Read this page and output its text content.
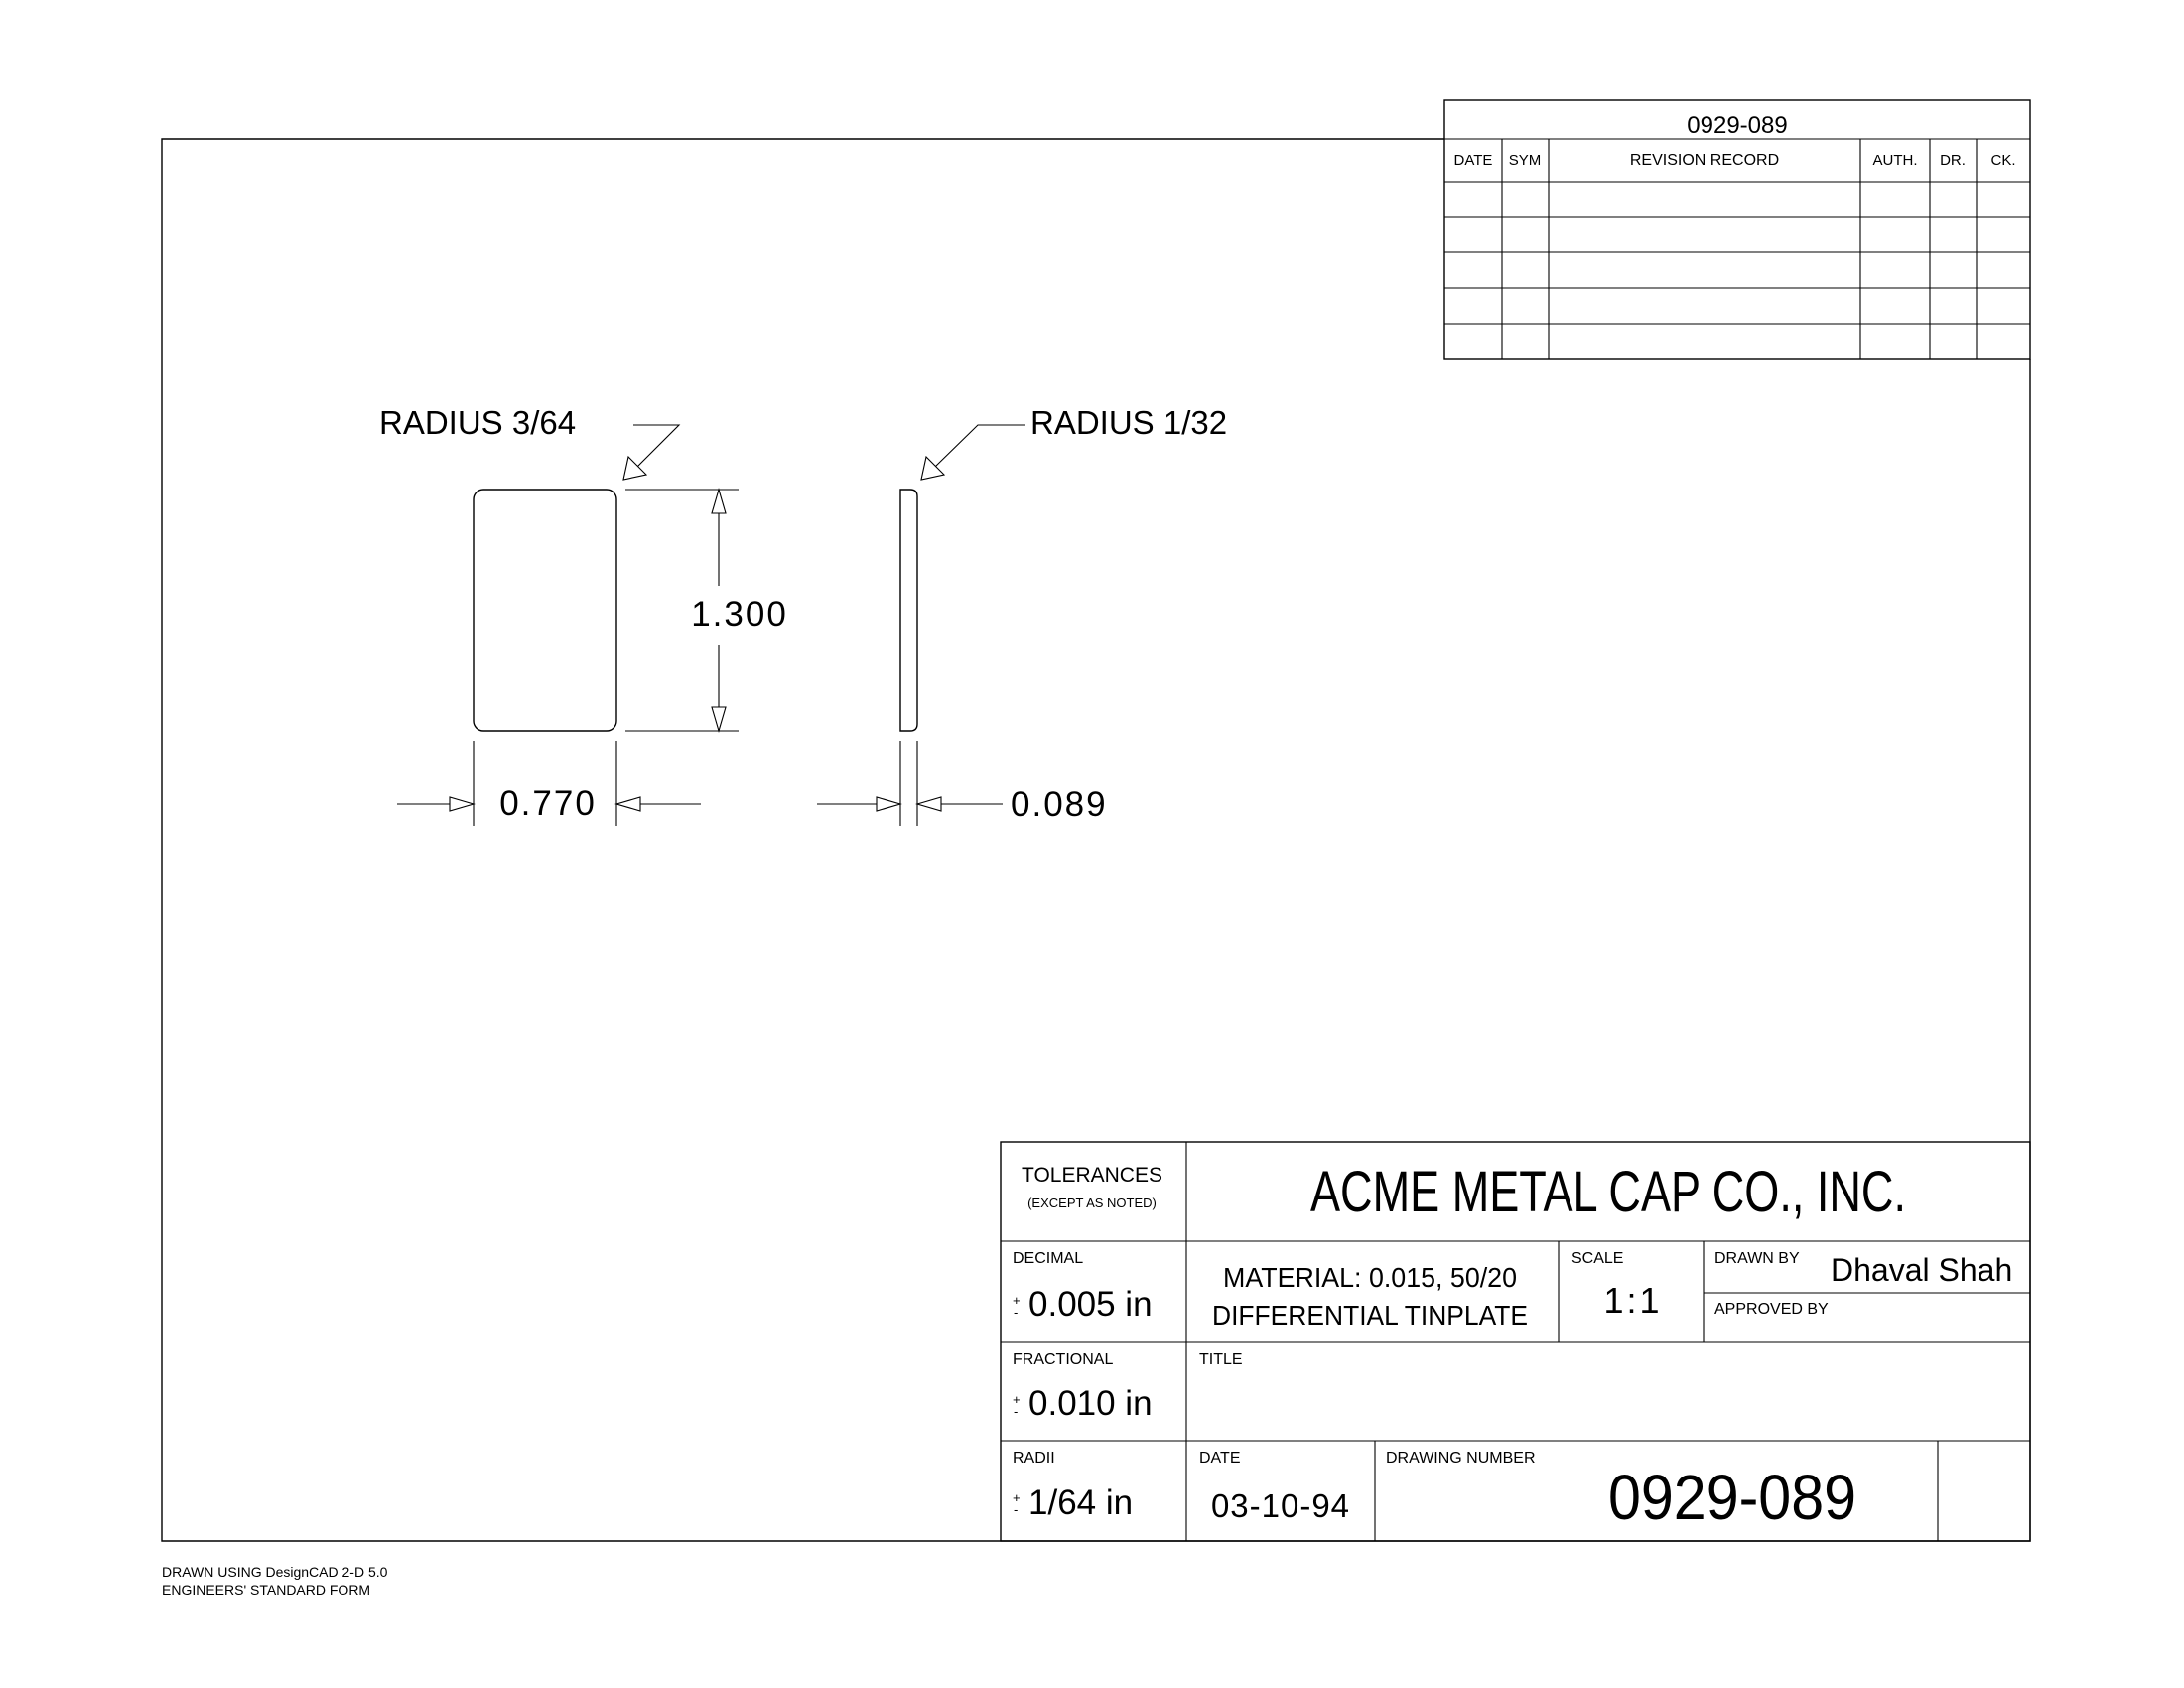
0929-089
DATE SYM	REVISION RECORD	AUTH. DR. CK.
RADIUS 3/64	RADIUS 1/32
1.300
0.770	0.089
TOLERANCES
(EXCEPT AS NOTED)	ACME METAL CAP CO., INC.
DECIMAL
+
- 0.005 in
MATERIAL: 0.015, 50/20
DIFFERENTIAL TINPLATE
SCALE
1:1
DRAWN BY Dhaval Shah
APPROVED BY
FRACTIONAL
+
- 0.010 in
TITLE
RADII
+
- 1/64 in
DATE
03-10-94
DRAWING NUMBER
0929-089
DRAWN USING DesignCAD 2-D 5.0
ENGINEERS' STANDARD FORM
